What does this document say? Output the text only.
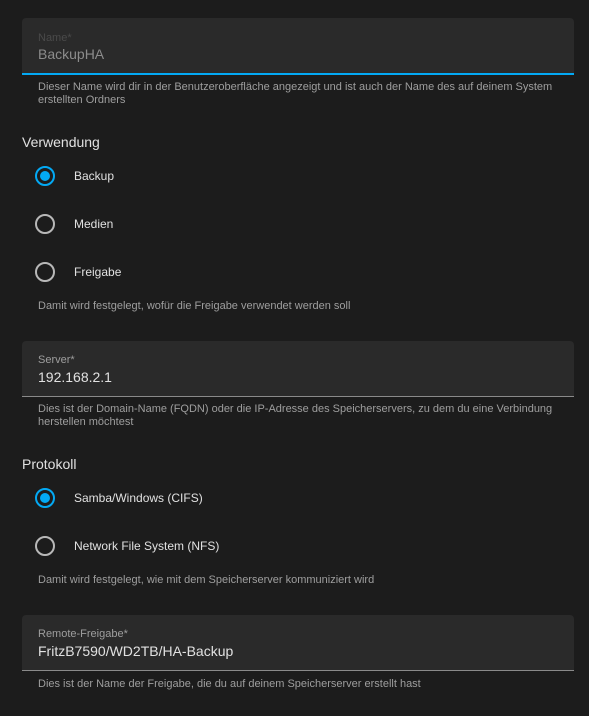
Name*
BackupHA
Dieser Name wird dir in der Benutzeroberfläche angezeigt und ist auch der Name des auf deinem System erstellten Ordners
Verwendung
Backup
Medien
Freigabe
Damit wird festgelegt, wofür die Freigabe verwendet werden soll
Server*
192.168.2.1
Dies ist der Domain-Name (FQDN) oder die IP-Adresse des Speicherservers, zu dem du eine Verbindung herstellen möchtest
Protokoll
Samba/Windows (CIFS)
Network File System (NFS)
Damit wird festgelegt, wie mit dem Speicherserver kommuniziert wird
Remote-Freigabe*
FritzB7590/WD2TB/HA-Backup
Dies ist der Name der Freigabe, die du auf deinem Speicherserver erstellt hast
